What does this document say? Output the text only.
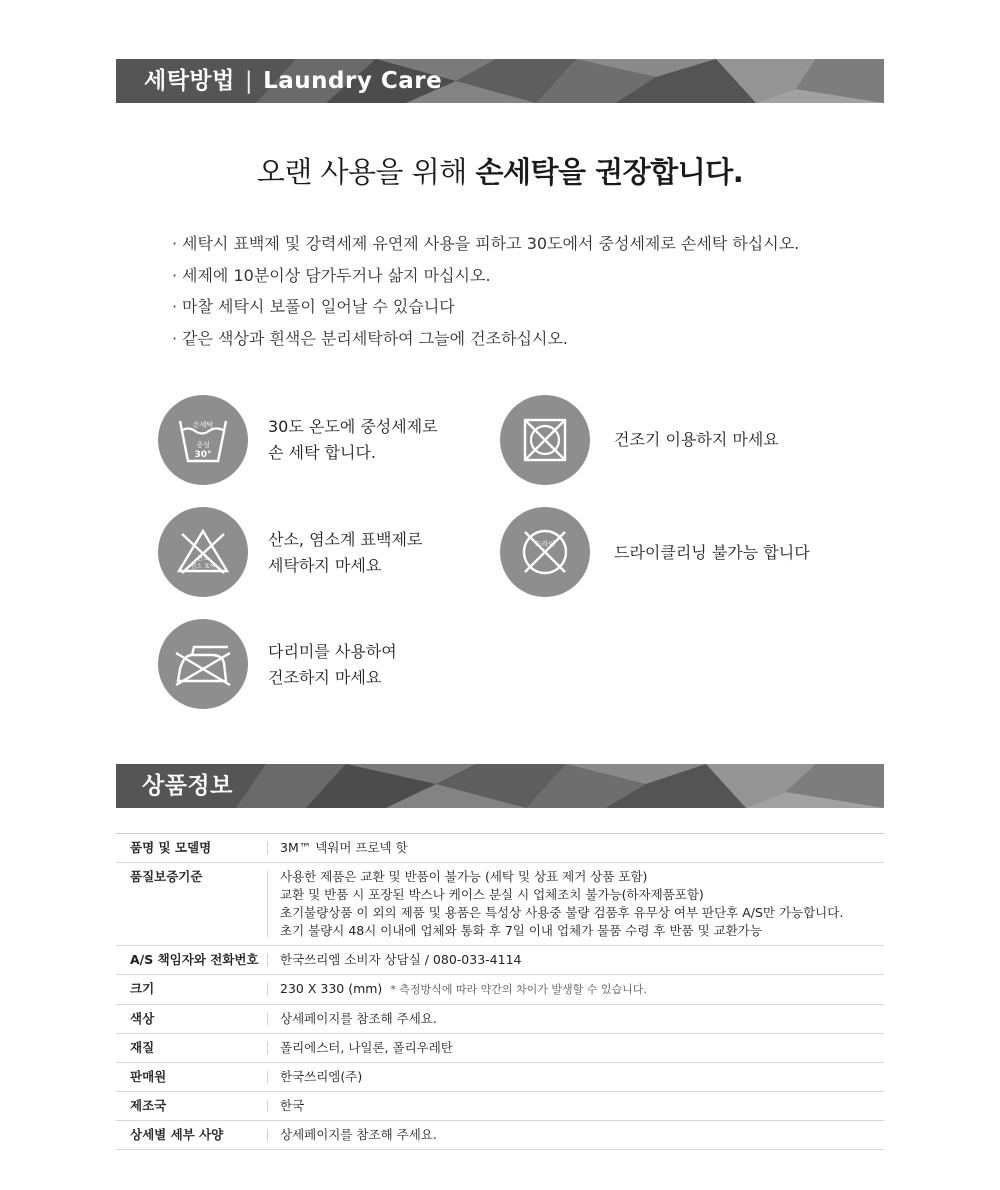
세탁방법 | Laundry Care
오랜 사용을 위해 손세탁을 권장합니다.
· 세탁시 표백제 및 강력세제 유연제 사용을 피하고 30도에서 중성세제로 손세탁 하십시오.
· 세제에 10분이상 담가두거나 삶지 마십시오.
· 마찰 세탁시 보풀이 일어날 수 있습니다
· 같은 색상과 흰색은 분리세탁하여 그늘에 건조하십시오.
손세탁
중성
30°
30도 온도에 중성세제로
손 세탁 합니다.
건조기 이용하지 마세요
산소
염소 표백
산소, 염소계 표백제로
세탁하지 마세요
드라이	드라이클리닝 불가능 합니다
다리미를 사용하여
건조하지 마세요
상품정보
품명 및 모델명	3M™ 넥워머 프로넥 핫
품질보증기준	사용한 제품은 교환 및 반품이 불가능 (세탁 및 상표 제거 상품 포함)
교환 및 반품 시 포장된 박스나 케이스 분실 시 업체조치 불가능(하자제품포함)
초기불량상품 이 외의 제품 및 용품은 특성상 사용중 불량 검품후 유무상 여부 판단후 A/S만 가능합니다.
초기 불량시 48시 이내에 업체와 통화 후 7일 이내 업체가 물품 수령 후 반품 및 교환가능
A/S 책임자와 전화번호	한국쓰리엠 소비자 상담실 / 080-033-4114
크기	230 X 330 (mm) * 측정방식에 따라 약간의 차이가 발생할 수 있습니다.
색상	상세페이지를 참조해 주세요.
재질	폴리에스터, 나일론, 폴리우레탄
판매원	한국쓰리엠(주)
제조국	한국
상세별 세부 사양	상세페이지를 참조해 주세요.
